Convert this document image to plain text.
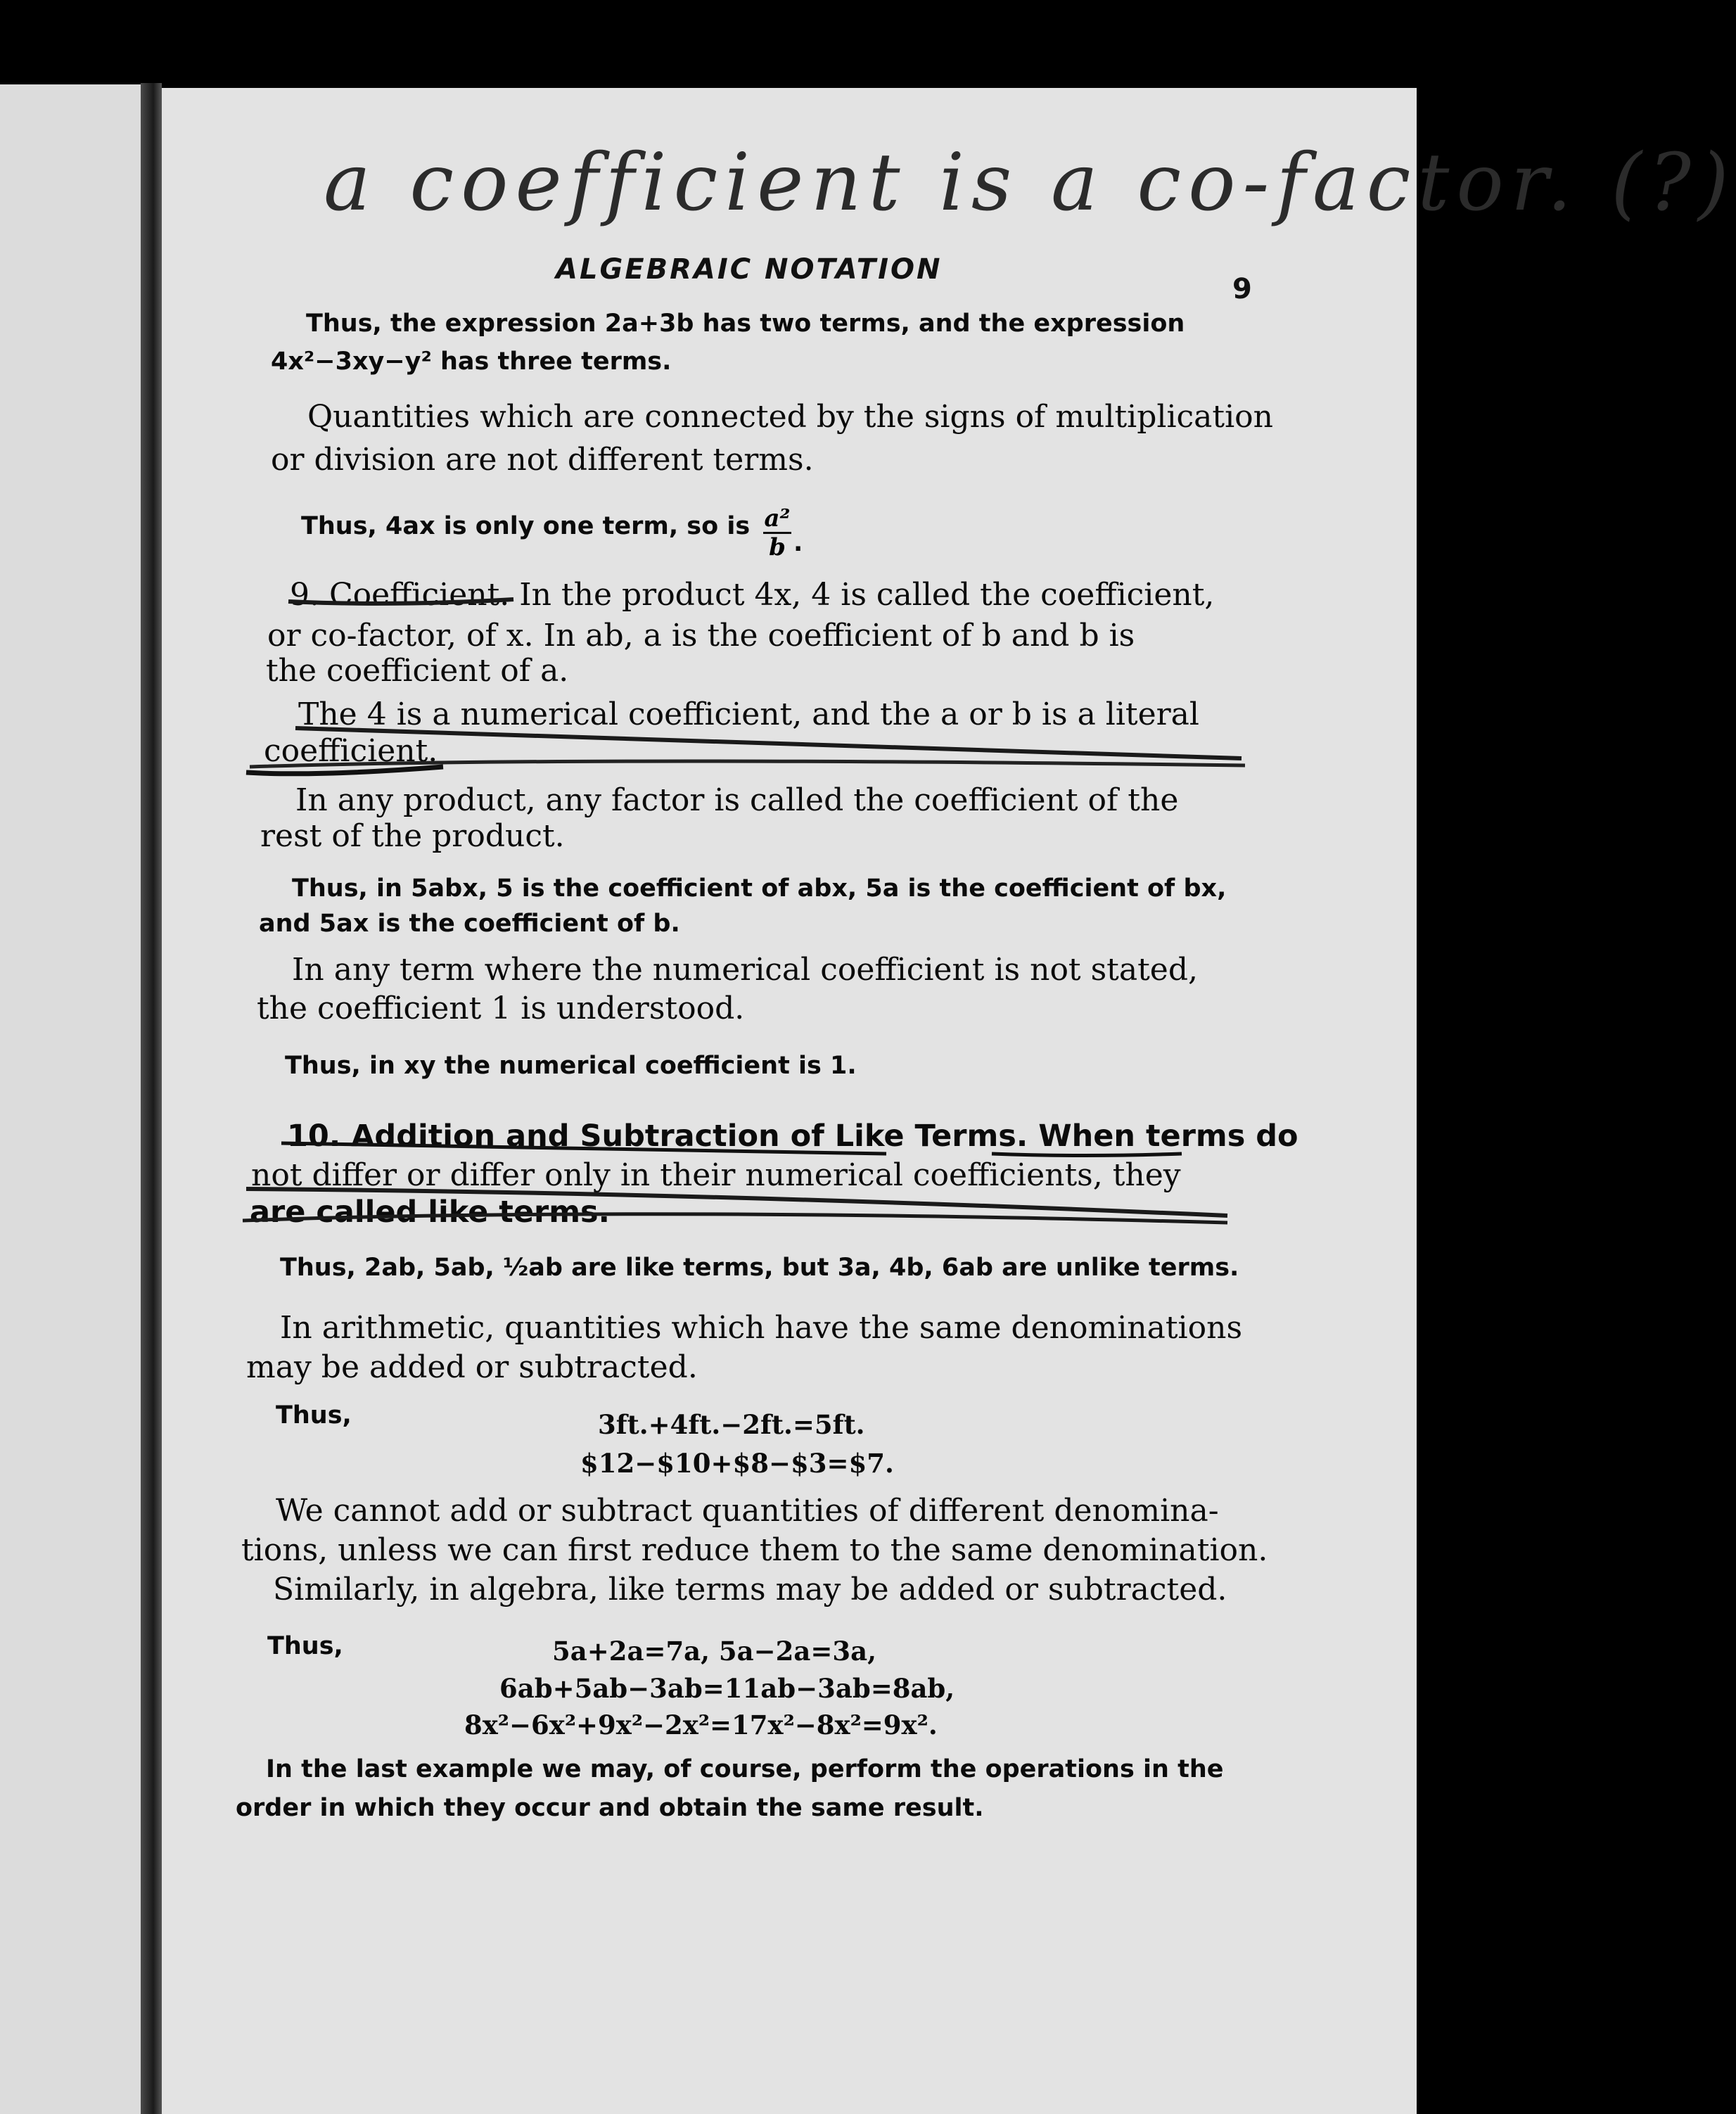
a coefficient is a co-factor. (?)
ALGEBRAIC NOTATION
9
Thus, the expression 2a+3b has two terms, and the expression
4x²−3xy−y² has three terms.
Quantities which are connected by the signs of multiplication
or division are not different terms.
Thus, 4ax is only one term, so is $\frac{\text{a²}}{b}$ .
9. Coefficient. In the product 4x, 4 is called the coefficient,
or co-factor, of x. In ab, a is the coefficient of b and b is
the coefficient of a.
The 4 is a numerical coefficient, and the a or b is a literal
coefficient.
In any product, any factor is called the coefficient of the
rest of the product.
Thus, in 5abx, 5 is the coefficient of abx, 5a is the coefficient of bx,
and 5ax is the coefficient of b.
In any term where the numerical coefficient is not stated,
the coefficient 1 is understood.
Thus, in xy the numerical coefficient is 1.
10. Addition and Subtraction of Like Terms. When terms do
not differ or differ only in their numerical coefficients, they
are called like terms.
Thus, 2ab, 5ab, ½ab are like terms, but 3a, 4b, 6ab are unlike terms.
In arithmetic, quantities which have the same denominations
may be added or subtracted.
Thus,	3ft.+4ft.−2ft.=5ft.
$12−$10+$8−$3=$7.
We cannot add or subtract quantities of different denomina-
tions, unless we can first reduce them to the same denomination.
Similarly, in algebra, like terms may be added or subtracted.
Thus,	5a+2a=7a, 5a−2a=3a,
6ab+5ab−3ab=11ab−3ab=8ab,
8x²−6x²+9x²−2x²=17x²−8x²=9x².
In the last example we may, of course, perform the operations in the
order in which they occur and obtain the same result.
